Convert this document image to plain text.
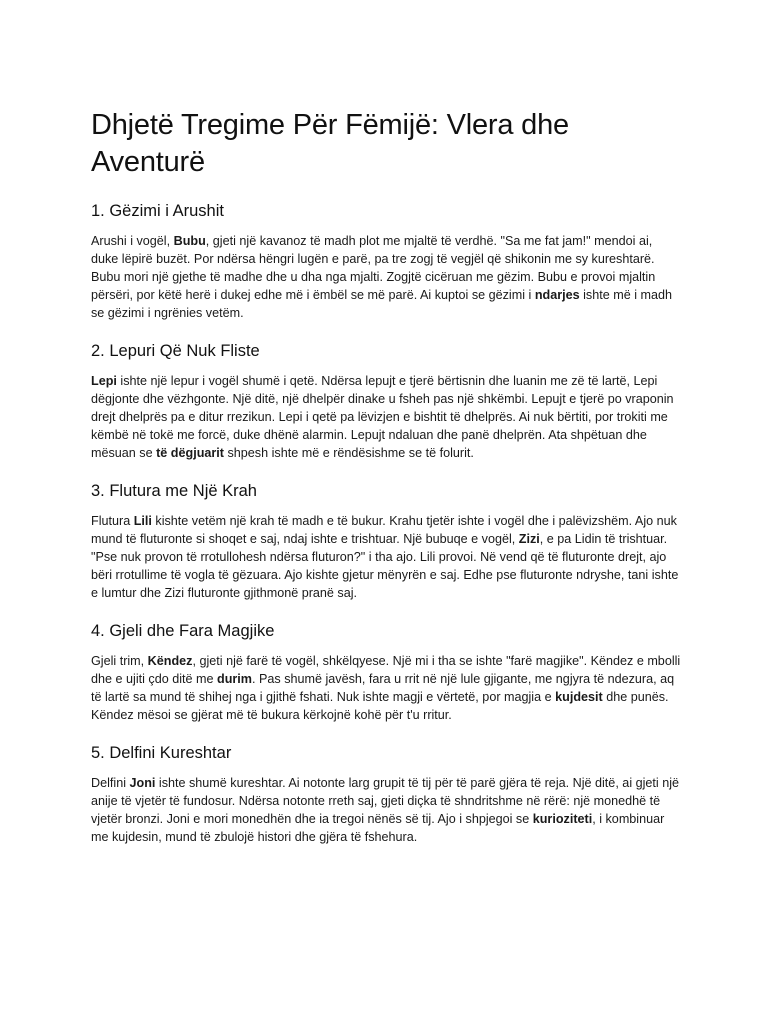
Dhjetë Tregime Për Fëmijë: Vlera dhe Aventurë
1. Gëzimi i Arushit

Arushi i vogël, Bubu, gjeti një kavanoz të madh plot me mjaltë të verdhë. "Sa me fat jam!" mendoi ai, duke lëpirë buzët. Por ndërsa hëngri lugën e parë, pa tre zogj të vegjël që shikonin me sy kureshtarë. Bubu mori një gjethe të madhe dhe u dha nga mjalti. Zogjtë cicëruan me gëzim. Bubu e provoi mjaltin përsëri, por këtë herë i dukej edhe më i ëmbël se më parë. Ai kuptoi se gëzimi i ndarjes ishte më i madh se gëzimi i ngrënies vetëm.

2. Lepuri Që Nuk Fliste

Lepi ishte një lepur i vogël shumë i qetë. Ndërsa lepujt e tjerë bërtisnin dhe luanin me zë të lartë, Lepi dëgjonte dhe vëzhgonte. Një ditë, një dhelpër dinake u fsheh pas një shkëmbi. Lepujt e tjerë po vraponin drejt dhelprës pa e ditur rrezikun. Lepi i qetë pa lëvizjen e bishtit të dhelprës. Ai nuk bërtiti, por trokiti me këmbë në tokë me forcë, duke dhënë alarmin. Lepujt ndaluan dhe panë dhelprën. Ata shpëtuan dhe mësuan se të dëgjuarit shpesh ishte më e rëndësishme se të folurit.

3. Flutura me Një Krah

Flutura Lili kishte vetëm një krah të madh e të bukur. Krahu tjetër ishte i vogël dhe i palëvizshëm. Ajo nuk mund të fluturonte si shoqet e saj, ndaj ishte e trishtuar. Një bubuqe e vogël, Zizi, e pa Lidin të trishtuar. "Pse nuk provon të rrotullohesh ndërsa fluturon?" i tha ajo. Lili provoi. Në vend që të fluturonte drejt, ajo bëri rrotullime të vogla të gëzuara. Ajo kishte gjetur mënyrën e saj. Edhe pse fluturonte ndryshe, tani ishte e lumtur dhe Zizi fluturonte gjithmonë pranë saj.

4. Gjeli dhe Fara Magjike

Gjeli trim, Këndez, gjeti një farë të vogël, shkëlqyese. Një mi i tha se ishte "farë magjike". Këndez e mbolli dhe e ujiti çdo ditë me durim. Pas shumë javësh, fara u rrit në një lule gjigante, me ngjyra të ndezura, aq të lartë sa mund të shihej nga i gjithë fshati. Nuk ishte magji e vërtetë, por magjia e kujdesit dhe punës. Këndez mësoi se gjërat më të bukura kërkojnë kohë për t'u rritur.

5. Delfini Kureshtar

Delfini Joni ishte shumë kureshtar. Ai notonte larg grupit të tij për të parë gjëra të reja. Një ditë, ai gjeti një anije të vjetër të fundosur. Ndërsa notonte rreth saj, gjeti diçka të shndritshme në rërë: një monedhë të vjetër bronzi. Joni e mori monedhën dhe ia tregoi nënës së tij. Ajo i shpjegoi se kurioziteti, i kombinuar me kujdesin, mund të zbulojë histori dhe gjëra të fshehura.
